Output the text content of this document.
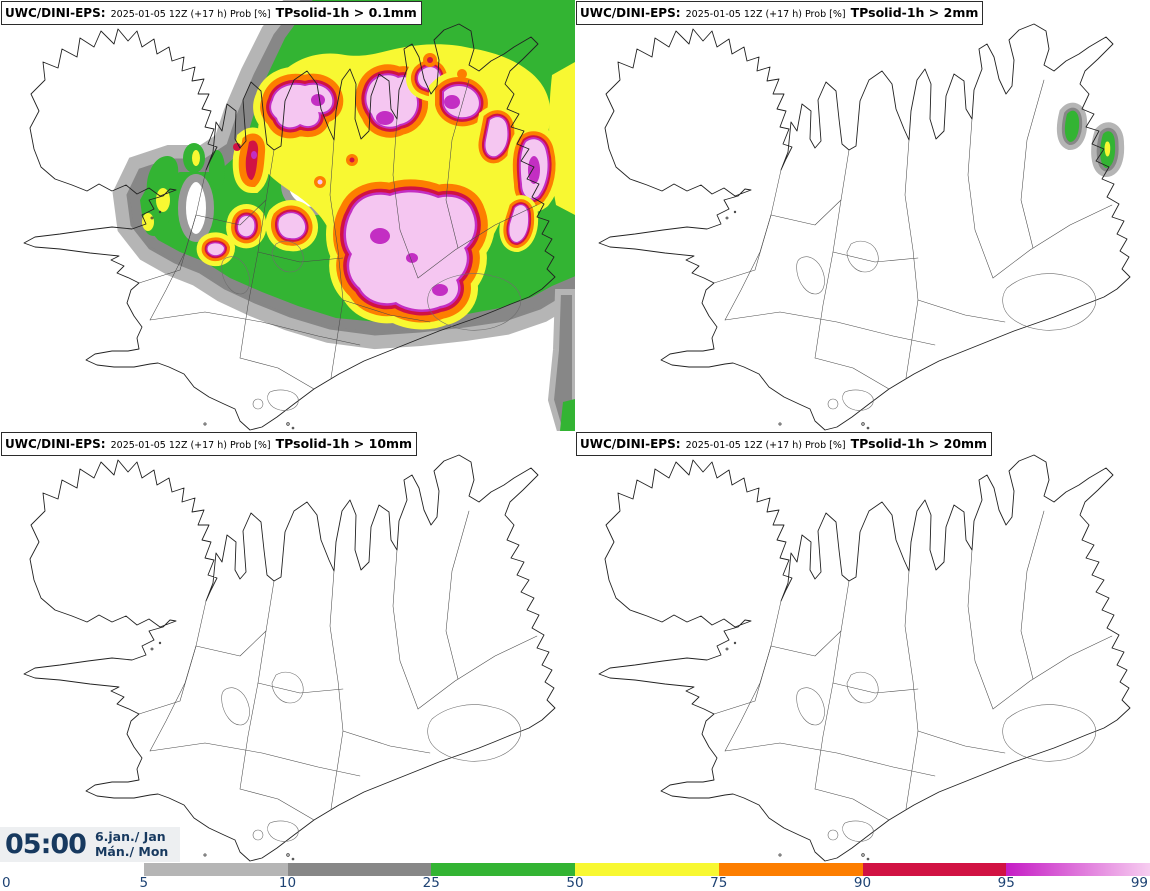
UWC/DINI-EPS: 2025-01-05 12Z (+17 h) Prob [%] TPsolid-1h > 0.1mm	UWC/DINI-EPS: 2025-01-05 12Z (+17 h) Prob [%] TPsolid-1h > 2mm
UWC/DINI-EPS: 2025-01-05 12Z (+17 h) Prob [%] TPsolid-1h > 10mm	UWC/DINI-EPS: 2025-01-05 12Z (+17 h) Prob [%] TPsolid-1h > 20mm
05:00 6.jan./ Jan
Mán./ Mon
0	5	10	25	50	75	90	95	99
